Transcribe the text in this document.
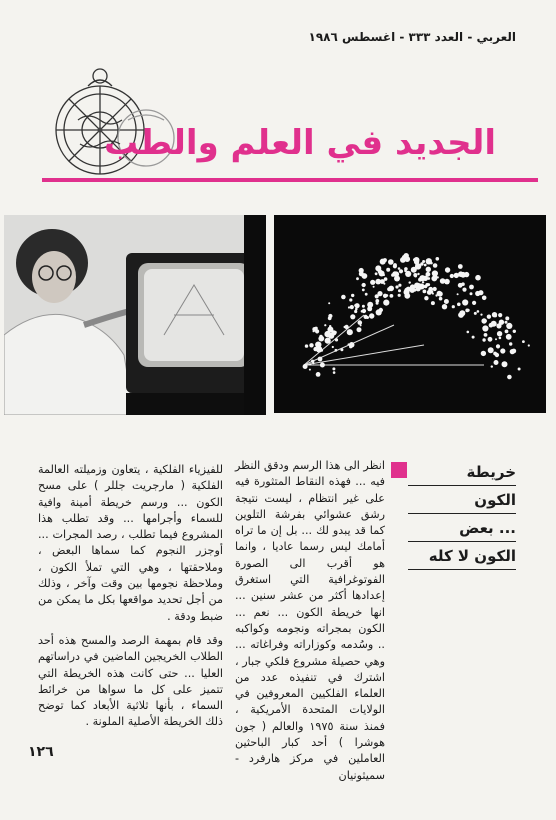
العربي - العدد ٣٣٣ - اغسطس ١٩٨٦
الجديد في العلم والطب
خريطة
الكون
... بعض
الكون لا كله

انظر الى هذا الرسم ودقق النظر فيه ... فهذه النقاط المتثورة فيه على غير انتظام ، ليست نتيجة رشق عشوائي بفرشة التلوين كما قد يبدو لك ... بل إن ما تراه أمامك ليس رسما عاديا ، وانما هو أقرب الى الصورة الفوتوغرافية التي استغرق إعدادها أكثر من عشر سنين ... انها خريطة الكون ... نعم ... الكون بمجراته ونجومه وكواكبه .. وسُدمه وكوزاراته وفراغاته ... وهي حصيلة مشروع فلكي جبار ، اشترك في تنفيذه عدد من العلماء الفلكيين المعروفين في الولايات المتحدة الأمريكية ، فمنذ سنة ١٩٧٥ والعالم ( جون هوشرا ) أحد كبار الباحثين العاملين في مركز هارفرد - سميثونيان

للفيزياء الفلكية ، يتعاون وزميلته العالمة الفلكية ( مارجريت جللر ) على مسح الكون ... ورسم خريطة أمينة وافية للسماء وأجرامها ... وقد تطلب هذا المشروع فيما تطلب ، رصد المجرات ... أوجزر النجوم كما سماها البعض ، وملاحقتها ، وهي التي تملأ الكون ، وملاحظة نجومها بين وقت وآخر ، وذلك من أجل تحديد مواقعها بكل ما يمكن من ضبط ودقة .

وقد قام بمهمة الرصد والمسح هذه أحد الطلاب الخريجين الماضين في دراساتهم العليا ... حتى كانت هذه الخريطة التي تتميز على كل ما سواها من خرائط السماء ، بأنها ثلاثية الأبعاد كما توضح ذلك الخريطة الأصلية الملونة .

١٢٦
